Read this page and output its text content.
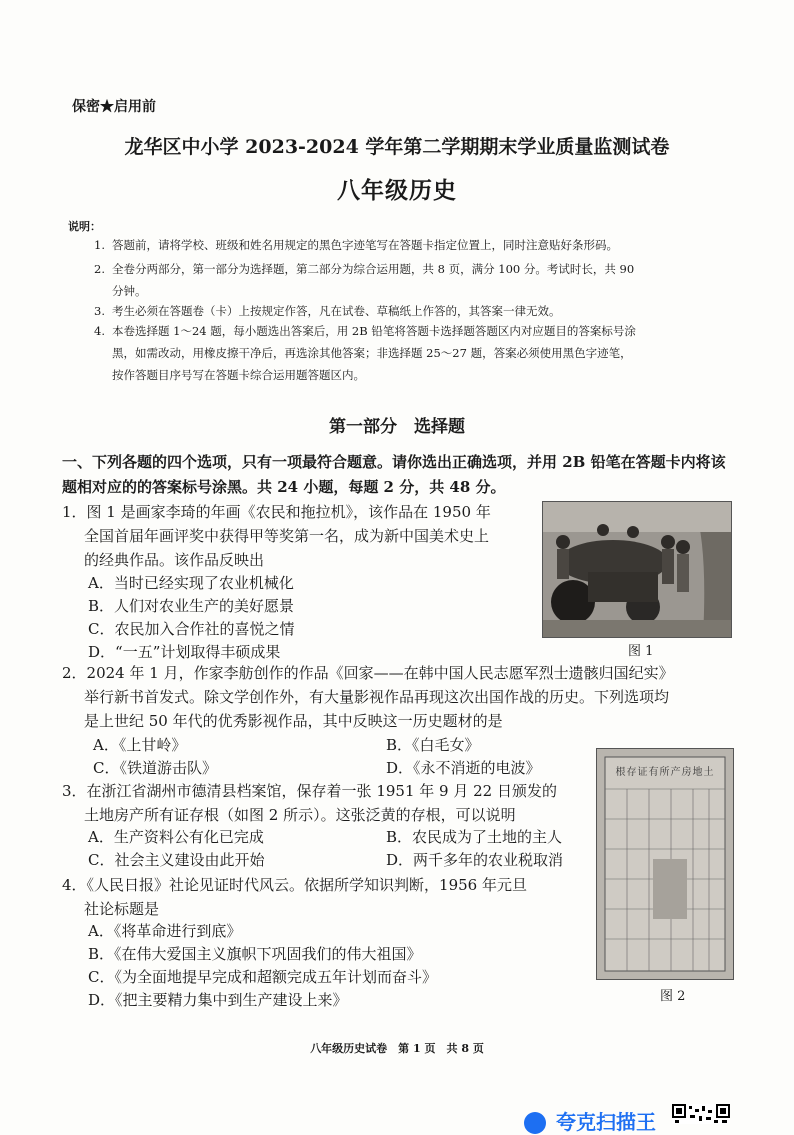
保密★启用前
龙华区中小学 2023-2024 学年第二学期期末学业质量监测试卷
八年级历史
说明：
1. 答题前，请将学校、班级和姓名用规定的黑色字迹笔写在答题卡指定位置上，同时注意贴好条形码。
2. 全卷分两部分，第一部分为选择题，第二部分为综合运用题，共 8 页，满分 100 分。考试时长，共 90
分钟。
3. 考生必须在答题卷（卡）上按规定作答，凡在试卷、草稿纸上作答的，其答案一律无效。
4. 本卷选择题 1～24 题，每小题选出答案后，用 2B 铅笔将答题卡选择题答题区内对应题目的答案标号涂
黑，如需改动，用橡皮擦干净后，再选涂其他答案；非选择题 25～27 题，答案必须使用黑色字迹笔，
按作答题目序号写在答题卡综合运用题答题区内。
第一部分　选择题
一、下列各题的四个选项，只有一项最符合题意。请你选出正确选项，并用 2B 铅笔在答题卡内将该题相对应的的答案标号涂黑。共 24 小题，每题 2 分，共 48 分。
1．图 1 是画家李琦的年画《农民和拖拉机》，该作品在 1950 年
全国首届年画评奖中获得甲等奖第一名，成为新中国美术史上
的经典作品。该作品反映出
A．当时已经实现了农业机械化
B．人们对农业生产的美好愿景
C．农民加入合作社的喜悦之情
D．“一五”计划取得丰硕成果	图 1
2．2024 年 1 月，作家李舫创作的作品《回家——在韩中国人民志愿军烈士遗骸归国纪实》
举行新书首发式。除文学创作外，有大量影视作品再现这次出国作战的历史。下列选项均
是上世纪 50 年代的优秀影视作品，其中反映这一历史题材的是
A．《上甘岭》	B．《白毛女》
C．《铁道游击队》	D．《永不消逝的电波》	根存证有所产房地土
图 2
3．在浙江省湖州市德清县档案馆，保存着一张 1951 年 9 月 22 日颁发的
土地房产所有证存根（如图 2 所示）。这张泛黄的存根，可以说明
A．生产资料公有化已完成	B．农民成为了土地的主人
C．社会主义建设由此开始	D．两千多年的农业税取消
4．《人民日报》社论见证时代风云。依据所学知识判断，1956 年元旦
社论标题是
A．《将革命进行到底》
B．《在伟大爱国主义旗帜下巩固我们的伟大祖国》
C．《为全面地提早完成和超额完成五年计划而奋斗》
D．《把主要精力集中到生产建设上来》
八年级历史试卷　第 1 页　共 8 页
夸克扫描王
